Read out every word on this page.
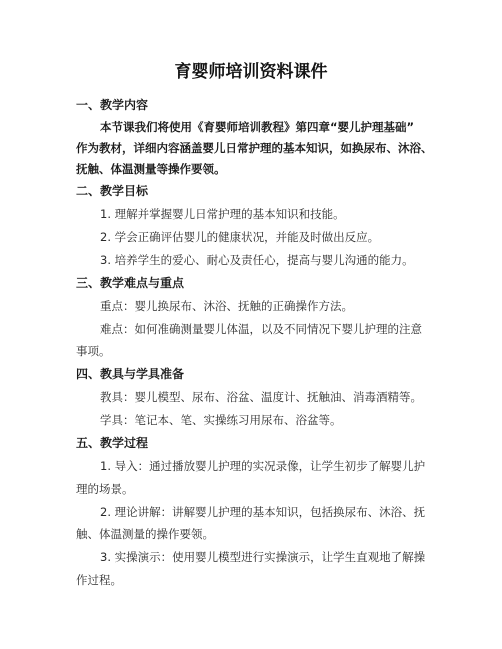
育婴师培训资料课件
一、教学内容
本节课我们将使用《育婴师培训教程》第四章“婴儿护理基础”
作为教材，详细内容涵盖婴儿日常护理的基本知识，如换尿布、沐浴、
抚触、体温测量等操作要领。
二、教学目标
1. 理解并掌握婴儿日常护理的基本知识和技能。
2. 学会正确评估婴儿的健康状况，并能及时做出反应。
3. 培养学生的爱心、耐心及责任心，提高与婴儿沟通的能力。
三、教学难点与重点
重点：婴儿换尿布、沐浴、抚触的正确操作方法。
难点：如何准确测量婴儿体温，以及不同情况下婴儿护理的注意
事项。
四、教具与学具准备
教具：婴儿模型、尿布、浴盆、温度计、抚触油、消毒酒精等。
学具：笔记本、笔、实操练习用尿布、浴盆等。
五、教学过程
1. 导入：通过播放婴儿护理的实况录像，让学生初步了解婴儿护
理的场景。
2. 理论讲解：讲解婴儿护理的基本知识，包括换尿布、沐浴、抚
触、体温测量的操作要领。
3. 实操演示：使用婴儿模型进行实操演示，让学生直观地了解操
作过程。
